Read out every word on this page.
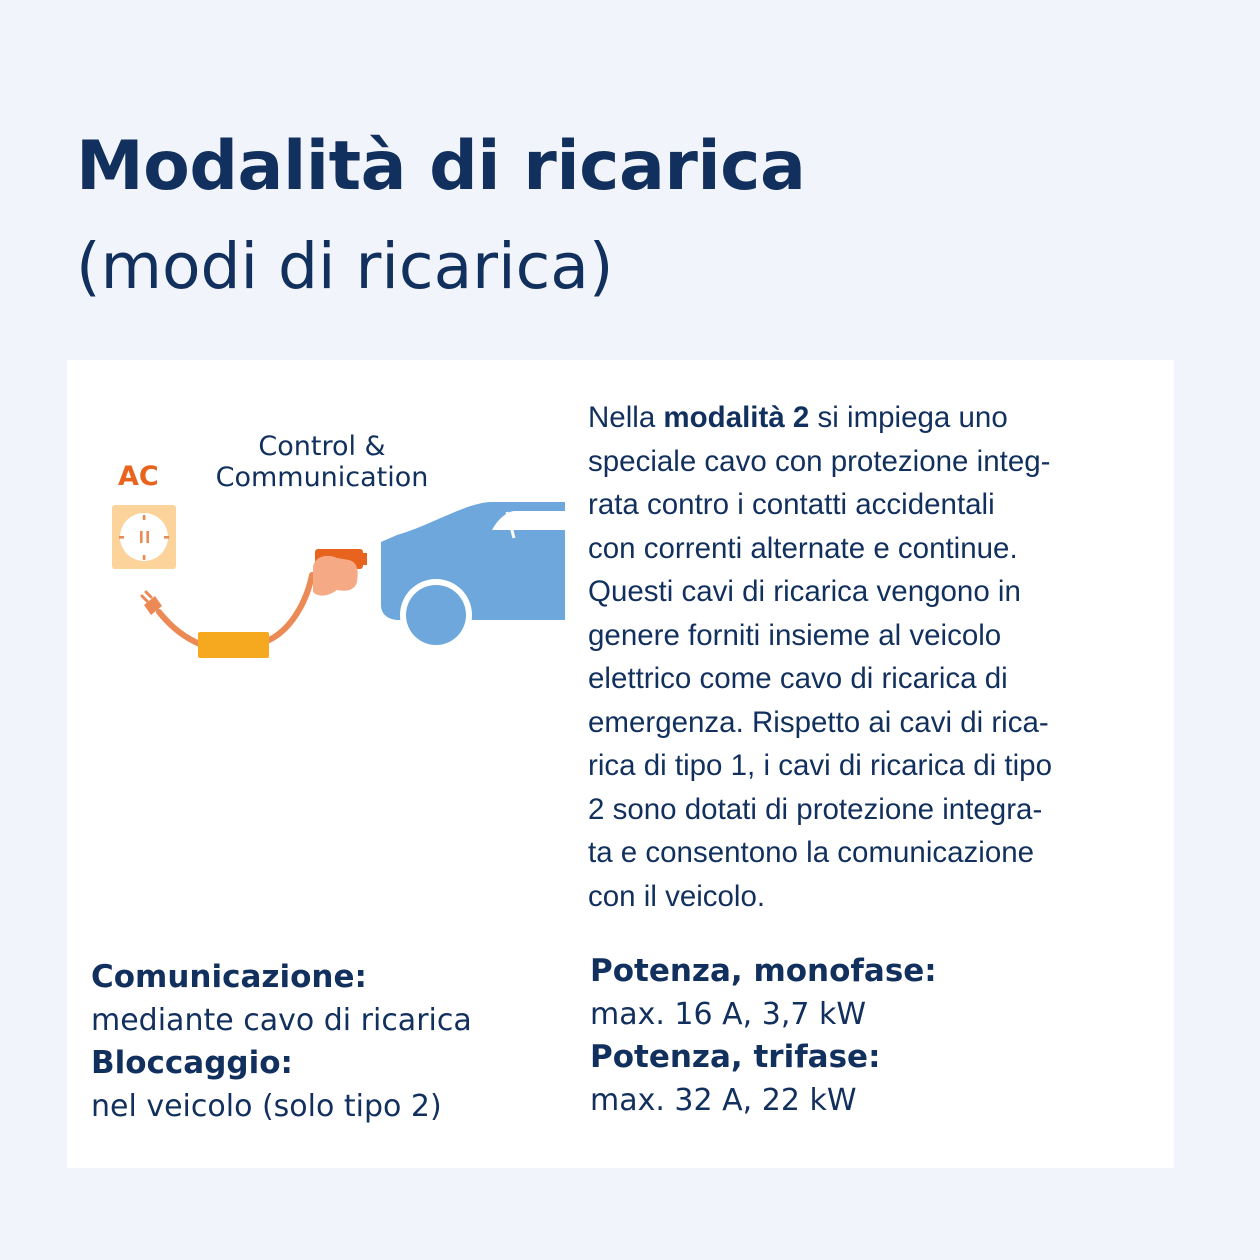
Modalità di ricarica
(modi di ricarica)
AC
Control &
Communication
Nella modalità 2 si impiega uno
speciale cavo con protezione integ-
rata contro i contatti accidentali
con correnti alternate e continue.
Questi cavi di ricarica vengono in
genere forniti insieme al veicolo
elettrico come cavo di ricarica di
emergenza. Rispetto ai cavi di rica-
rica di tipo 1, i cavi di ricarica di tipo
2 sono dotati di protezione integra-
ta e consentono la comunicazione
con il veicolo.
Comunicazione:
mediante cavo di ricarica
Bloccaggio:
nel veicolo (solo tipo 2)
Potenza, monofase:
max. 16 A, 3,7 kW
Potenza, trifase:
max. 32 A, 22 kW
